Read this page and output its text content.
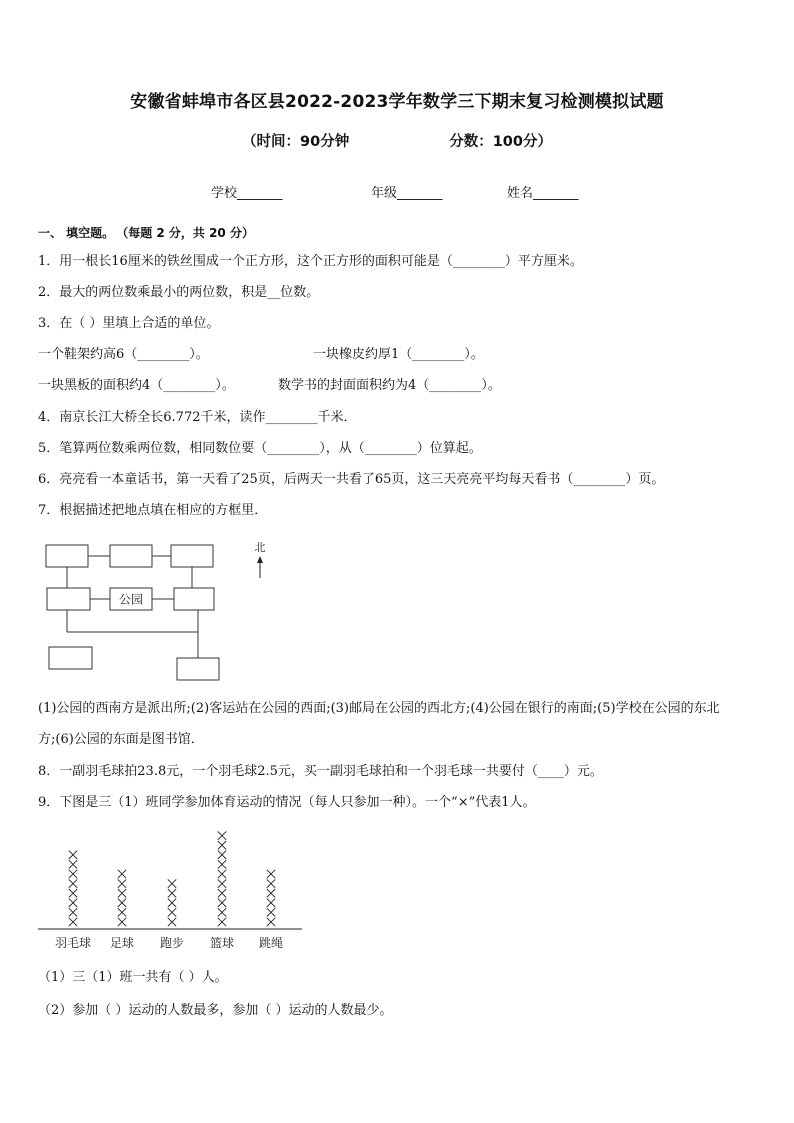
安徽省蚌埠市各区县2022-2023学年数学三下期末复习检测模拟试题
（时间：90分钟	分数：100分）
学校_______	年级_______	姓名_______
一、 填空题。 （每题 2 分，共 20 分）
1．用一根长16厘米的铁丝围成一个正方形，这个正方形的面积可能是（________）平方厘米。
2．最大的两位数乘最小的两位数，积是__位数。
3．在（ ）里填上合适的单位。
一个鞋架约高6（________）。	一块橡皮约厚1（________）。
一块黑板的面积约4（________）。	数学书的封面面积约为4（________）。
4．南京长江大桥全长6.772千米，读作________千米．
5．笔算两位数乘两位数，相同数位要（________），从（________）位算起。
6．亮亮看一本童话书，第一天看了25页，后两天一共看了65页，这三天亮亮平均每天看书（________）页。
7．根据描述把地点填在相应的方框里．
公园
北
(1)公园的西南方是派出所;(2)客运站在公园的西面;(3)邮局在公园的西北方;(4)公园在银行的南面;(5)学校在公园的东北
方;(6)公园的东面是图书馆．
8．一副羽毛球拍23.8元，一个羽毛球2.5元，买一副羽毛球拍和一个羽毛球一共要付（____）元。
9．下图是三（1）班同学参加体育运动的情况（每人只参加一种）。一个“×”代表1人。
羽毛球 足球 跑步 篮球 跳绳
（1）三（1）班一共有（ ）人。
（2）参加（ ）运动的人数最多，参加（ ）运动的人数最少。
